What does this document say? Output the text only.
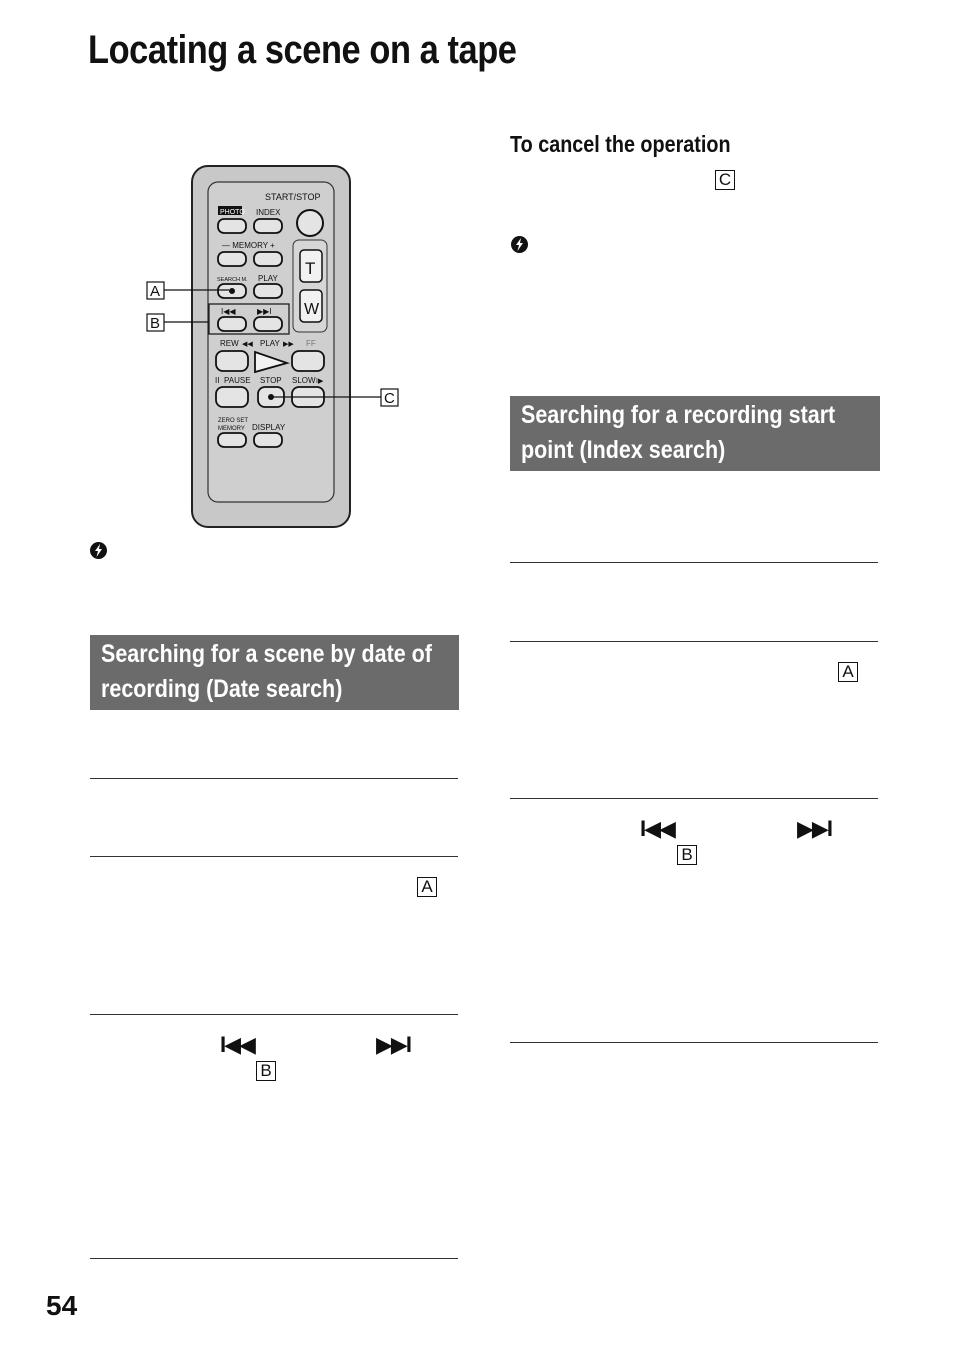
Locating a scene on a tape
START/STOP
T
W
PHOTO INDEX
— MEMORY +
SEARCH M. PLAY
I◀◀	▶▶I
REW ◀◀ PLAY ▶▶ FF
II PAUSE STOP SLOW I▶
ZERO SET
MEMORY DISPLAY
A
B
C
Searching for a scene by date of
recording (Date search)
A
I◀◀	▶▶I
B
To cancel the operation
C
Searching for a recording start
point (Index search)
A
I◀◀	▶▶I
B
54
